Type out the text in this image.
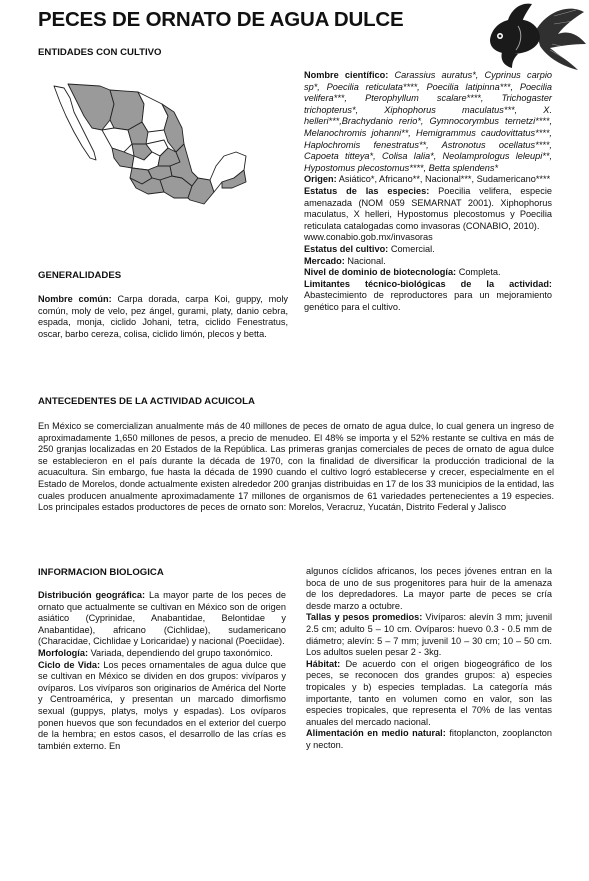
PECES DE ORNATO DE AGUA DULCE
ENTIDADES CON CULTIVO
Nombre científico: Carassius auratus*, Cyprinus carpio sp*, Poecilia reticulata****, Poecilia latipinna***, Poecilia velifera***, Pterophyllum scalare****, Trichogaster trichopterus*, Xiphophorus maculatus***, X. helleri***,Brachydanio rerio*, Gymnocorymbus ternetzi****, Melanochromis johanni**, Hemigrammus caudovittatus****, Haplochromis fenestratus**, Astronotus ocellatus****, Capoeta titteya*, Colisa lalia*, Neolamprologus leleupi**, Hypostomus plecostomus****, Betta splendens*
Origen: Asiático*, Africano**, Nacional***, Sudamericano****
Estatus de las especies: Poecilia velifera, especie amenazada (NOM 059 SEMARNAT 2001). Xiphophorus maculatus, X helleri, Hypostomus plecostomus y Poecilia reticulata catalogadas como invasoras (CONABIO, 2010).
www.conabio.gob.mx/invasoras
Estatus del cultivo: Comercial.
Mercado: Nacional.
Nivel de dominio de biotecnología: Completa.
Limitantes técnico-biológicas de la actividad: Abastecimiento de reproductores para un mejoramiento genético para el cultivo.
GENERALIDADES
Nombre común: Carpa dorada, carpa Koi, guppy, moly común, moly de velo, pez ángel, gurami, platy, danio cebra, espada, monja, ciclido Johani, tetra, ciclido Fenestratus, oscar, barbo cereza, colisa, ciclido limón, plecos y betta.
ANTECEDENTES DE LA ACTIVIDAD ACUICOLA
En México se comercializan anualmente más de 40 millones de peces de ornato de agua dulce, lo cual genera un ingreso de aproximadamente 1,650 millones de pesos, a precio de menudeo. El 48% se importa y el 52% restante se cultiva en más de 250 granjas localizadas en 20 Estados de la República. Las primeras granjas comerciales de peces de ornato de agua dulce se establecieron en el país durante la década de 1970, con la finalidad de diversificar la producción tradicional de la acuacultura. Sin embargo, fue hasta la década de 1990 cuando el cultivo logró establecerse y crecer, especialmente en el Estado de Morelos, donde actualmente existen alrededor 200 granjas distribuidas en 17 de los 33 municipios de la entidad, las cuales producen anualmente aproximadamente 17 millones de organismos de 61 variedades pertenecientes a 19 especies. Los principales estados productores de peces de ornato son: Morelos, Veracruz, Yucatán, Distrito Federal y Jalisco
INFORMACION BIOLOGICA
Distribución geográfica: La mayor parte de los peces de ornato que actualmente se cultivan en México son de origen asiático (Cyprinidae, Anabantidae, Belontidae y Anabantidae), africano (Cichlidae), sudamericano (Characidae, Cichlidae y Loricaridae) y nacional (Poeciidae).
Morfología: Variada, dependiendo del grupo taxonómico.
Ciclo de Vida: Los peces ornamentales de agua dulce que se cultivan en México se dividen en dos grupos: vivíparos y ovíparos. Los vivíparos son originarios de América del Norte y Centroamérica, y presentan un marcado dimorfismo sexual (guppys, platys, molys y espadas). Los ovíparos ponen huevos que son fecundados en el exterior del cuerpo de la hembra; en estos casos, el desarrollo de las crías es también externo. En
algunos cíclidos africanos, los peces jóvenes entran en la boca de uno de sus progenitores para huir de la amenaza de los depredadores. La mayor parte de peces se cría desde marzo a octubre.
Tallas y pesos promedios: Vivíparos: alevín 3 mm; juvenil 2.5 cm; adulto 5 – 10 cm. Ovíparos: huevo 0.3 - 0.5 mm de diámetro; alevín: 5 – 7 mm; juvenil 10 – 30 cm; 10 – 50 cm. Los adultos suelen pesar 2 - 3kg.
Hábitat: De acuerdo con el origen biogeográfico de los peces, se reconocen dos grandes grupos: a) especies tropicales y b) especies templadas. La categoría más importante, tanto en volumen como en valor, son las especies tropicales, que representa el 70% de las ventas anuales del mercado nacional.
Alimentación en medio natural: fitoplancton, zooplancton y necton.
